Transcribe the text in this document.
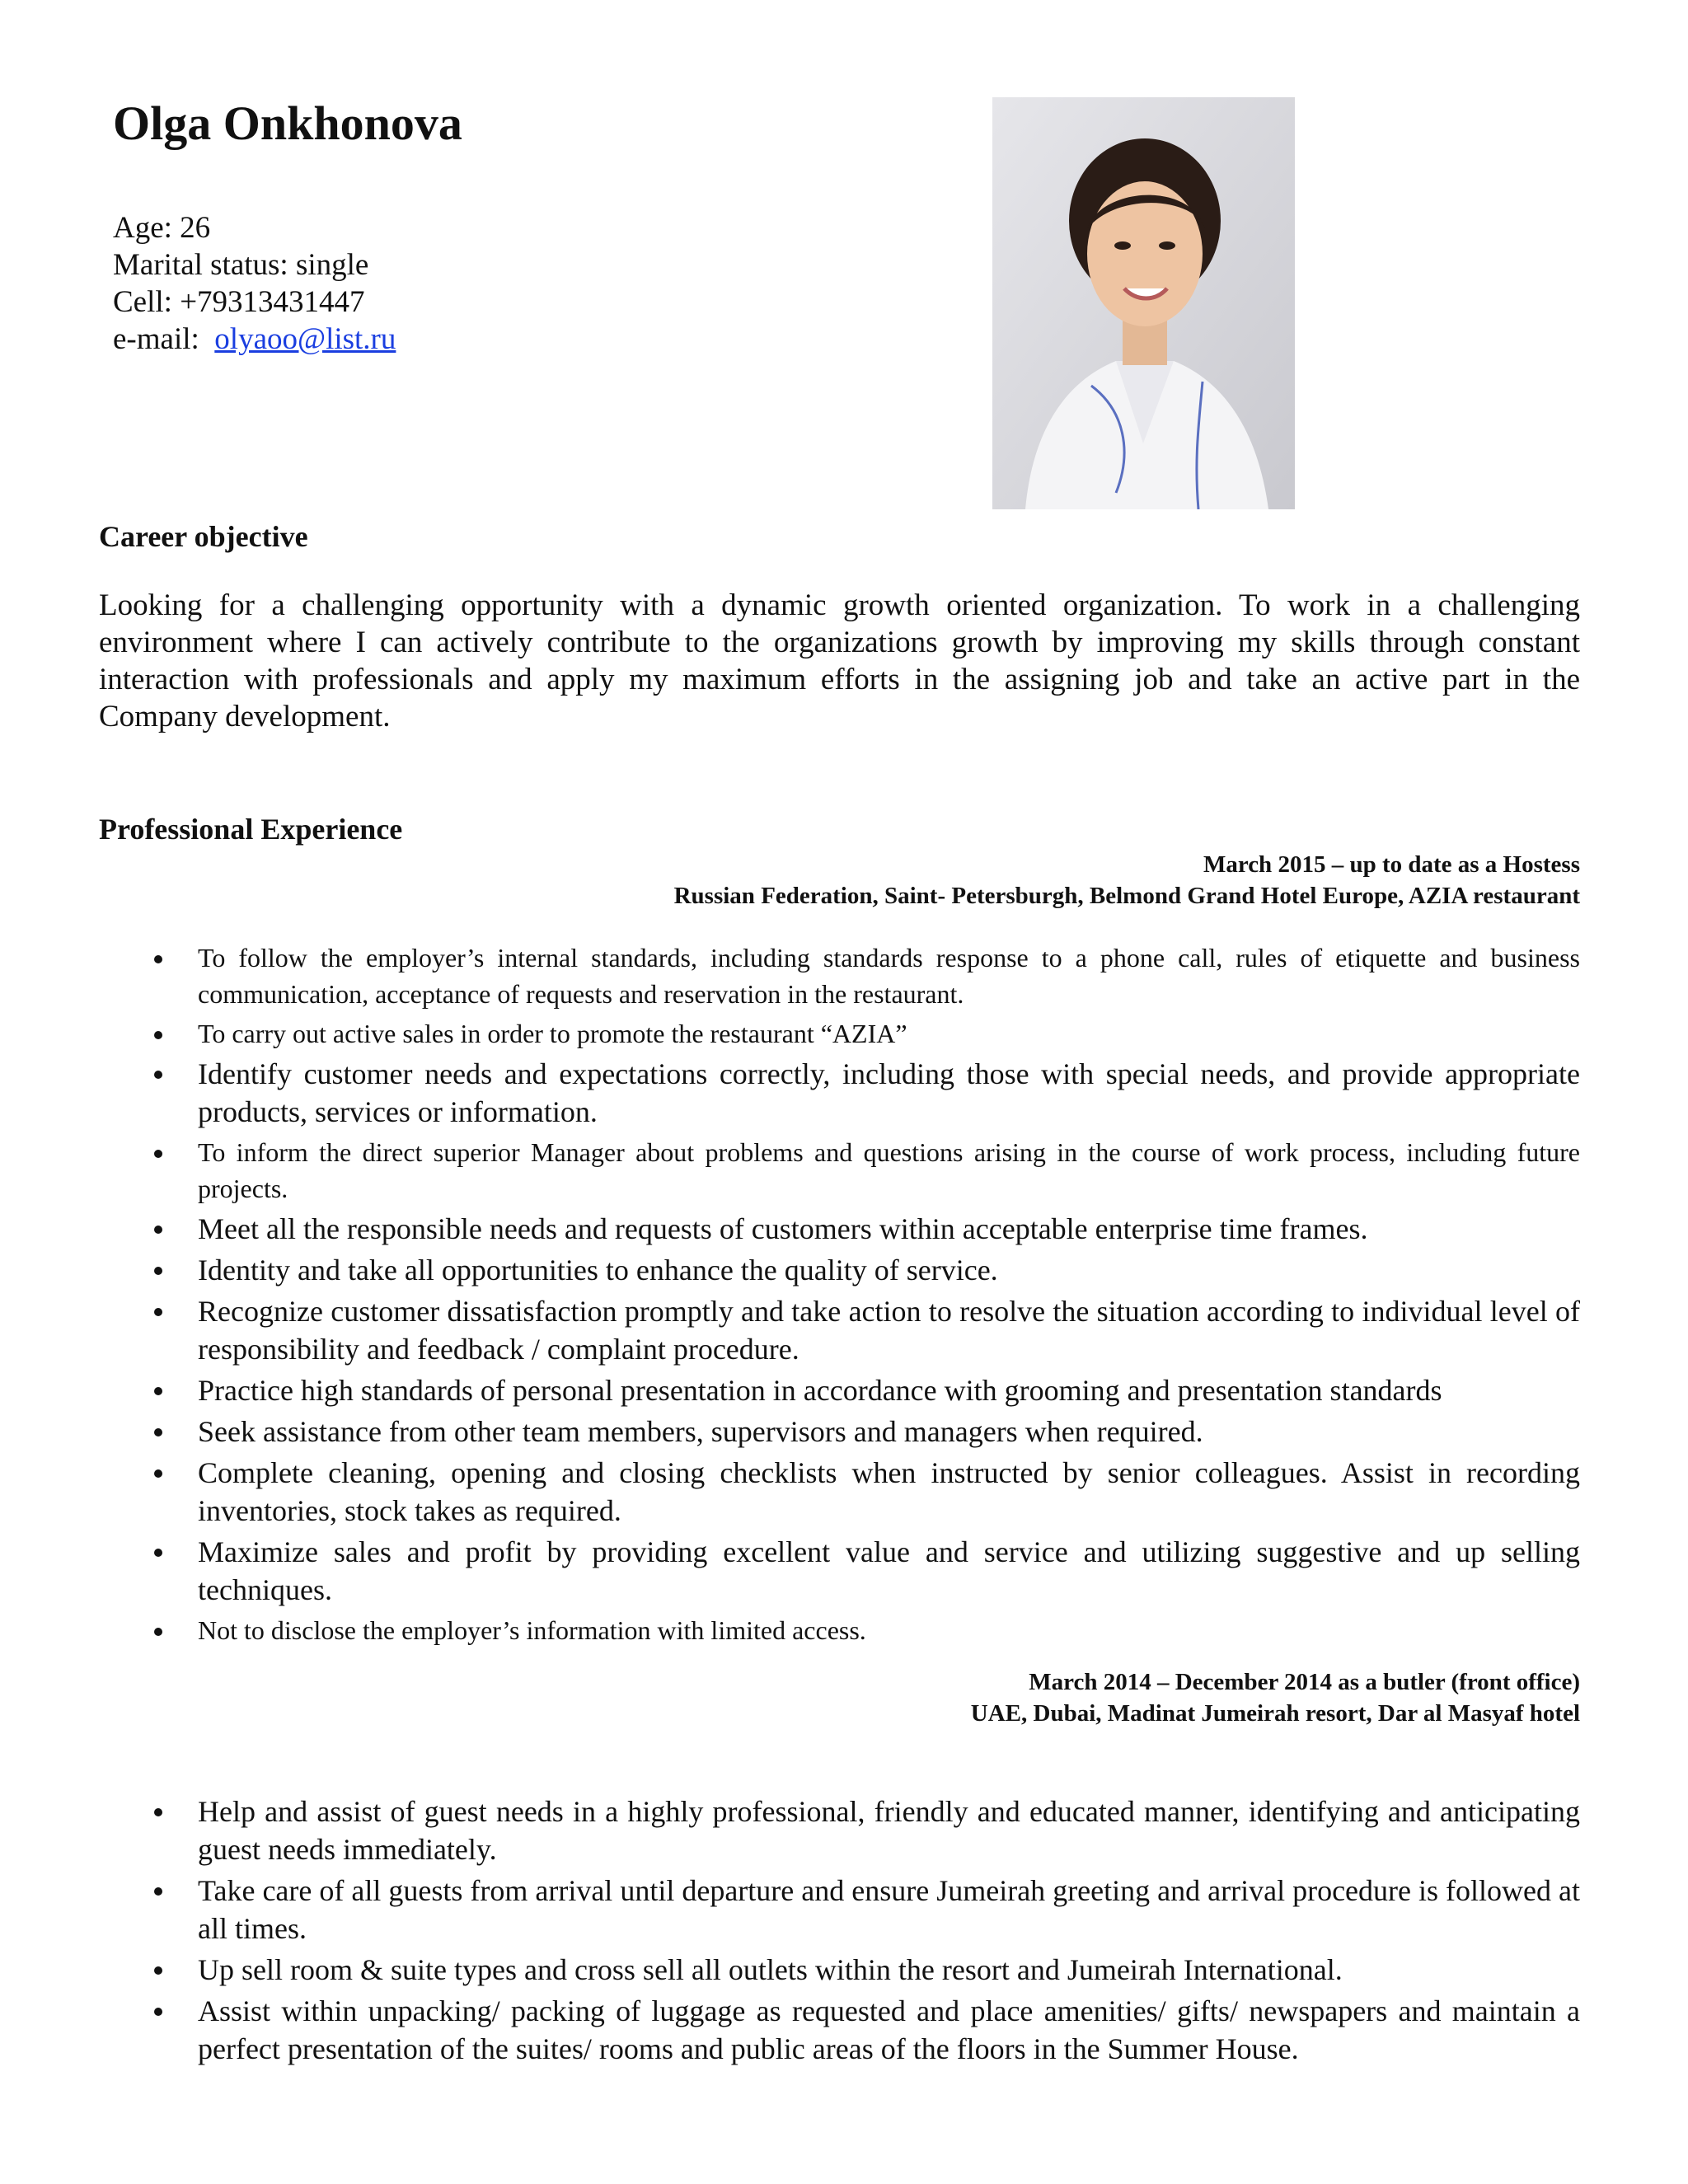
Olga Onkhonova
Age: 26
Marital status: single
Cell: +79313431447
e-mail: olyaoo@list.ru
Career objective

Looking for a challenging opportunity with a dynamic growth oriented organization. To work in a challenging environment where I can actively contribute to the organizations growth by improving my skills through constant interaction with professionals and apply my maximum efforts in the assigning job and take an active part in the Company development.

Professional Experience
March 2015 – up to date as a Hostess
Russian Federation, Saint- Petersburgh, Belmond Grand Hotel Europe, AZIA restaurant
To follow the employer’s internal standards, including standards response to a phone call, rules of etiquette and business communication, acceptance of requests and reservation in the restaurant.
To carry out active sales in order to promote the restaurant “AZIA”
Identify customer needs and expectations correctly, including those with special needs, and provide appropriate products, services or information.
To inform the direct superior Manager about problems and questions arising in the course of work process, including future projects.
Meet all the responsible needs and requests of customers within acceptable enterprise time frames.
Identity and take all opportunities to enhance the quality of service.
Recognize customer dissatisfaction promptly and take action to resolve the situation according to individual level of responsibility and feedback / complaint procedure.
Practice high standards of personal presentation in accordance with grooming and presentation standards
Seek assistance from other team members, supervisors and managers when required.
Complete cleaning, opening and closing checklists when instructed by senior colleagues. Assist in recording inventories, stock takes as required.
Maximize sales and profit by providing excellent value and service and utilizing suggestive and up selling techniques.
Not to disclose the employer’s information with limited access.
March 2014 – December 2014 as a butler (front office)
UAE, Dubai, Madinat Jumeirah resort, Dar al Masyaf hotel
Help and assist of guest needs in a highly professional, friendly and educated manner, identifying and anticipating guest needs immediately.
Take care of all guests from arrival until departure and ensure Jumeirah greeting and arrival procedure is followed at all times.
Up sell room & suite types and cross sell all outlets within the resort and Jumeirah International.
Assist within unpacking/ packing of luggage as requested and place amenities/ gifts/ newspapers and maintain a perfect presentation of the suites/ rooms and public areas of the floors in the Summer House.
